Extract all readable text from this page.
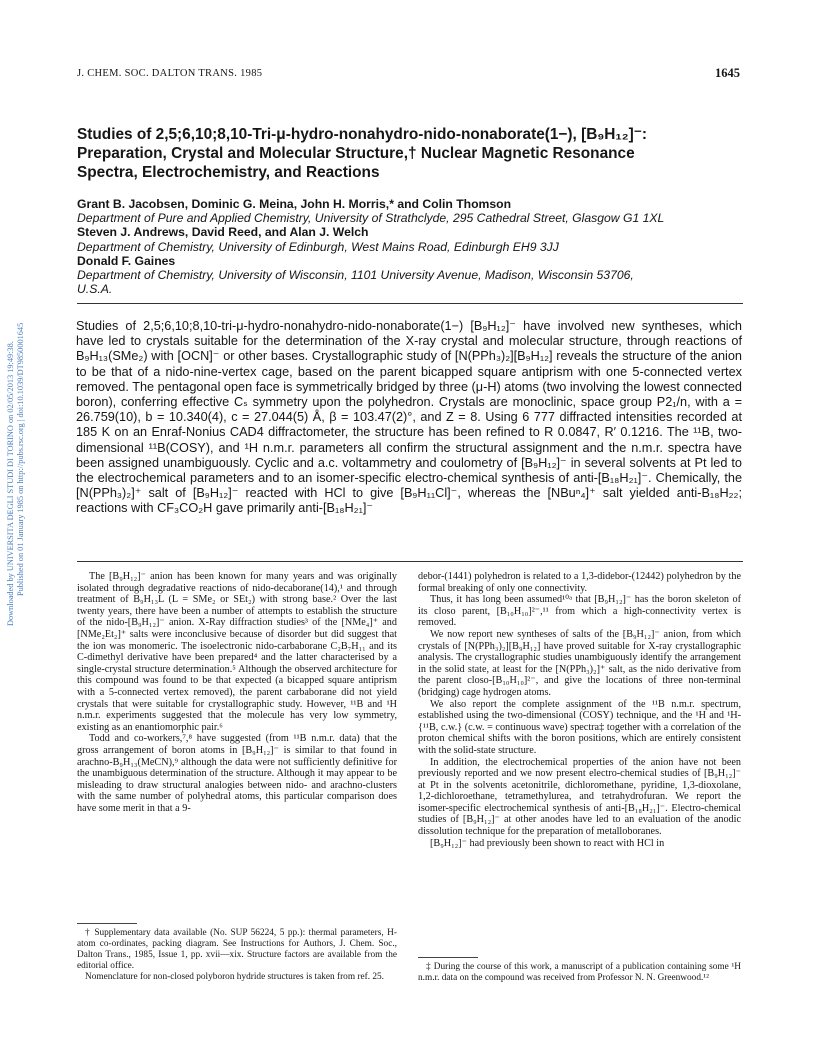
Downloaded by UNIVERSITA DEGLI STUDI DI TORINO on 02/05/2013 19:49:38. Published on 01 January 1985 on http://pubs.rsc.org | doi:10.1039/DT9850001645
J. CHEM. SOC. DALTON TRANS. 1985	1645
Studies of 2,5;6,10;8,10-Tri-μ-hydro-nonahydro-nido-nonaborate(1−), [B₉H₁₂]⁻:
Preparation, Crystal and Molecular Structure,† Nuclear Magnetic Resonance
Spectra, Electrochemistry, and Reactions
Grant B. Jacobsen, Dominic G. Meina, John H. Morris,* and Colin Thomson
Department of Pure and Applied Chemistry, University of Strathclyde, 295 Cathedral Street, Glasgow G1 1XL
Steven J. Andrews, David Reed, and Alan J. Welch
Department of Chemistry, University of Edinburgh, West Mains Road, Edinburgh EH9 3JJ
Donald F. Gaines
Department of Chemistry, University of Wisconsin, 1101 University Avenue, Madison, Wisconsin 53706,
U.S.A.
Studies of 2,5;6,10;8,10-tri-μ-hydro-nonahydro-nido-nonaborate(1−) [B₉H₁₂]⁻ have involved new syntheses, which have led to crystals suitable for the determination of the X-ray crystal and molecular structure, through reactions of B₉H₁₃(SMe₂) with [OCN]⁻ or other bases. Crystallographic study of [N(PPh₃)₂][B₉H₁₂] reveals the structure of the anion to be that of a nido-nine-vertex cage, based on the parent bicapped square antiprism with one 5-connected vertex removed. The pentagonal open face is symmetrically bridged by three (μ-H) atoms (two involving the lowest connected boron), conferring effective Cₛ symmetry upon the polyhedron. Crystals are monoclinic, space group P2₁/n, with a = 26.759(10), b = 10.340(4), c = 27.044(5) Å, β = 103.47(2)°, and Z = 8. Using 6 777 diffracted intensities recorded at 185 K on an Enraf-Nonius CAD4 diffractometer, the structure has been refined to R 0.0847, R′ 0.1216. The ¹¹B, two-dimensional ¹¹B(COSY), and ¹H n.m.r. parameters all confirm the structural assignment and the n.m.r. spectra have been assigned unambiguously. Cyclic and a.c. voltammetry and coulometry of [B₉H₁₂]⁻ in several solvents at Pt led to the electrochemical parameters and to an isomer-specific electro-chemical synthesis of anti-[B₁₈H₂₁]⁻. Chemically, the [N(PPh₃)₂]⁺ salt of [B₉H₁₂]⁻ reacted with HCl to give [B₉H₁₁Cl]⁻, whereas the [NBuⁿ₄]⁺ salt yielded anti-B₁₈H₂₂; reactions with CF₃CO₂H gave primarily anti-[B₁₈H₂₁]⁻

The [B₉H₁₂]⁻ anion has been known for many years and was originally isolated through degradative reactions of nido-decaborane(14),¹ and through treatment of B₉H₁₃L (L = SMe₂ or SEt₂) with strong base.² Over the last twenty years, there have been a number of attempts to establish the structure of the nido-[B₉H₁₂]⁻ anion. X-Ray diffraction studies³ of the [NMe₄]⁺ and [NMe₂Et₂]⁺ salts were inconclusive because of disorder but did suggest that the ion was monomeric. The isoelectronic nido-carbaborane C₂B₇H₁₁ and its C-dimethyl derivative have been prepared⁴ and the latter characterised by a single-crystal structure determination.⁵ Although the observed architecture for this compound was found to be that expected (a bicapped square antiprism with a 5-connected vertex removed), the parent carbaborane did not yield crystals that were suitable for crystallographic study. However, ¹¹B and ¹H n.m.r. experiments suggested that the molecule has very low symmetry, existing as an enantiomorphic pair.⁶

Todd and co-workers,⁷,⁸ have suggested (from ¹¹B n.m.r. data) that the gross arrangement of boron atoms in [B₉H₁₂]⁻ is similar to that found in arachno-B₉H₁₃(MeCN),⁹ although the data were not sufficiently definitive for the unambiguous determination of the structure. Although it may appear to be misleading to draw structural analogies between nido- and arachno-clusters with the same number of polyhedral atoms, this particular comparison does have some merit in that a 9-

debor-(1441) polyhedron is related to a 1,3-didebor-(12442) polyhedron by the formal breaking of only one connectivity.

Thus, it has long been assumed¹⁰ᵃ that [B₉H₁₂]⁻ has the boron skeleton of its closo parent, [B₁₀H₁₀]²⁻,¹¹ from which a high-connectivity vertex is removed.

We now report new syntheses of salts of the [B₉H₁₂]⁻ anion, from which crystals of [N(PPh₃)₂][B₉H₁₂] have proved suitable for X-ray crystallographic analysis. The crystallographic studies unambiguously identify the arrangement in the solid state, at least for the [N(PPh₃)₂]⁺ salt, as the nido derivative from the parent closo-[B₁₀H₁₀]²⁻, and give the locations of three non-terminal (bridging) cage hydrogen atoms.

We also report the complete assignment of the ¹¹B n.m.r. spectrum, established using the two-dimensional (COSY) technique, and the ¹H and ¹H-{¹¹B, c.w.} (c.w. = continuous wave) spectra‡ together with a correlation of the proton chemical shifts with the boron positions, which are entirely consistent with the solid-state structure.

In addition, the electrochemical properties of the anion have not been previously reported and we now present electro-chemical studies of [B₉H₁₂]⁻ at Pt in the solvents acetonitrile, dichloromethane, pyridine, 1,3-dioxolane, 1,2-dichloroethane, tetramethylurea, and tetrahydrofuran. We report the isomer-specific electrochemical synthesis of anti-[B₁₈H₂₁]⁻. Electro-chemical studies of [B₉H₁₂]⁻ at other anodes have led to an evaluation of the anodic dissolution technique for the preparation of metalloboranes.

[B₉H₁₂]⁻ had previously been shown to react with HCl in

† Supplementary data available (No. SUP 56224, 5 pp.): thermal parameters, H-atom co-ordinates, packing diagram. See Instructions for Authors, J. Chem. Soc., Dalton Trans., 1985, Issue 1, pp. xvii—xix. Structure factors are available from the editorial office.

Nomenclature for non-closed polyboron hydride structures is taken from ref. 25.

‡ During the course of this work, a manuscript of a publication containing some ¹H n.m.r. data on the compound was received from Professor N. N. Greenwood.¹²
